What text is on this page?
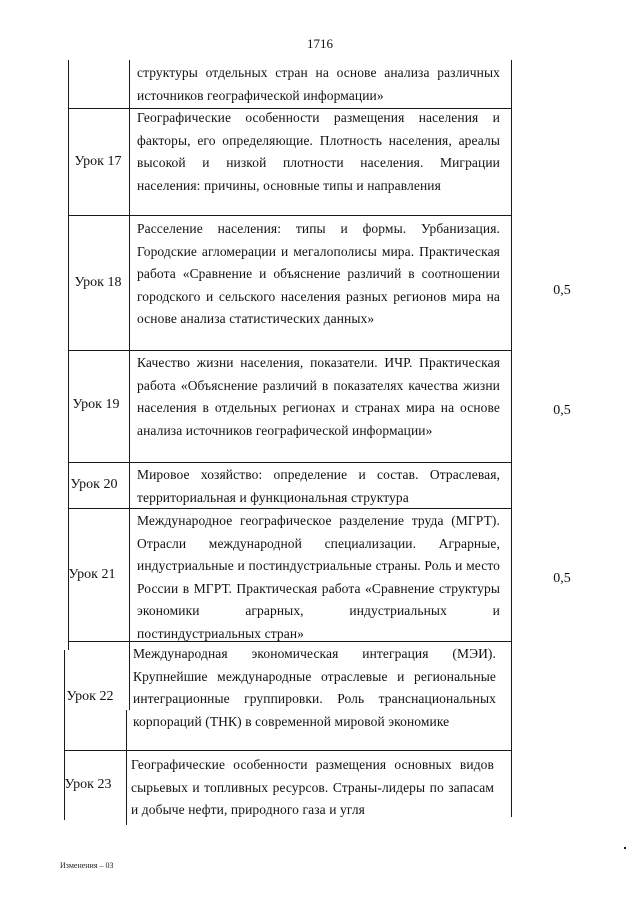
1716
структуры отдельных стран на основе анализа различных источников географической информации»
Урок 17
Географические особенности размещения населения и факторы, его определяющие. Плотность населения, ареалы высокой и низкой плотности населения. Миграции населения: причины, основные типы и направления
Урок 18
Расселение населения: типы и формы. Урбанизация. Городские агломерации и мегалополисы мира. Практическая работа «Сравнение и объяснение различий в соотношении городского и сельского населения разных регионов мира на основе анализа статистических данных»
0,5
Урок 19
Качество жизни населения, показатели. ИЧР. Практическая работа «Объяснение различий в показателях качества жизни населения в отдельных регионах и странах мира на основе анализа источников географической информации»
0,5
Урок 20
Мировое хозяйство: определение и состав. Отраслевая, территориальная и функциональная структура
Урок 21
Международное географическое разделение труда (МГРТ). Отрасли международной специализации. Аграрные, индустриальные и постиндустриальные страны. Роль и место России в МГРТ. Практическая работа «Сравнение структуры экономики аграрных, индустриальных и постиндустриальных стран»
0,5
Урок 22
Международная экономическая интеграция (МЭИ). Крупнейшие международные отраслевые и региональные интеграционные группировки. Роль транснациональных корпораций (ТНК) в современной мировой экономике
Урок 23
Географические особенности размещения основных видов сырьевых и топливных ресурсов. Страны-лидеры по запасам и добыче нефти, природного газа и угля
Изменения – 03
